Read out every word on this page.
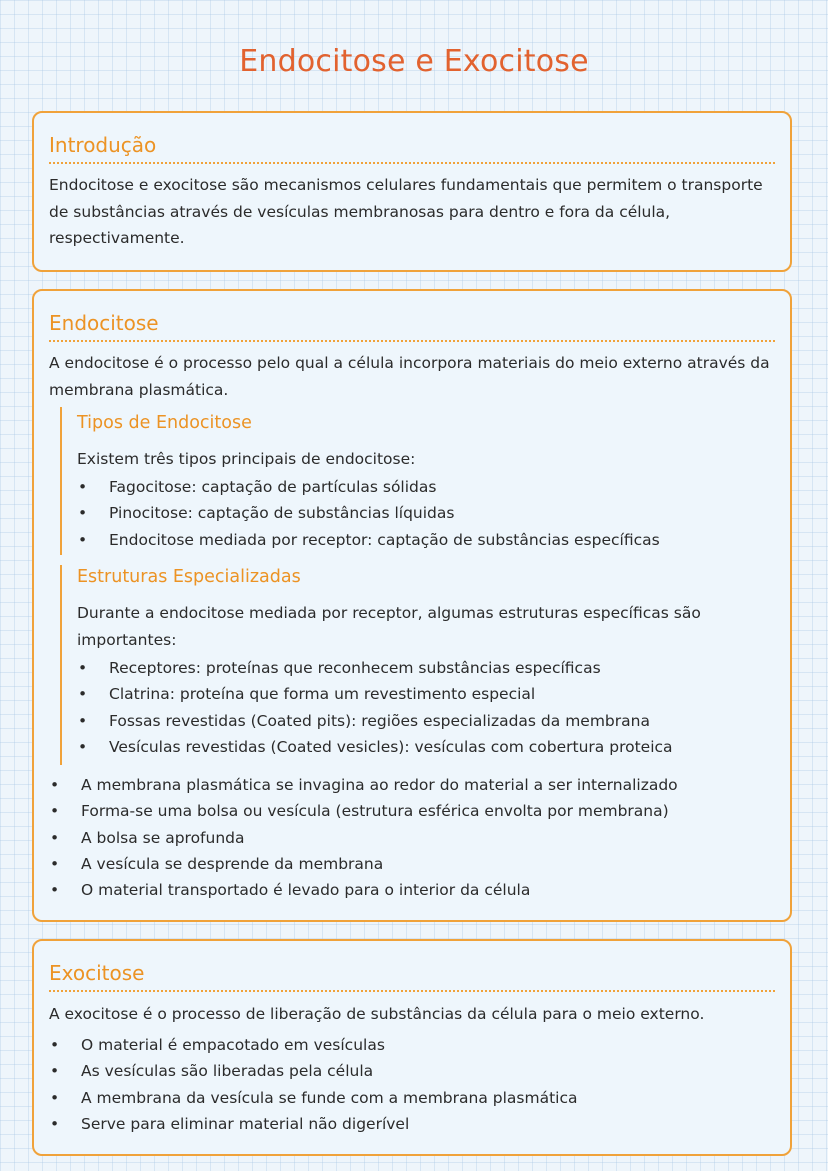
Endocitose e Exocitose
Introdução
Endocitose e exocitose são mecanismos celulares fundamentais que permitem o transporte de substâncias através de vesículas membranosas para dentro e fora da célula, respectivamente.
Endocitose
A endocitose é o processo pelo qual a célula incorpora materiais do meio externo através da membrana plasmática.
Tipos de Endocitose
Existem três tipos principais de endocitose:
• Fagocitose: captação de partículas sólidas
• Pinocitose: captação de substâncias líquidas
• Endocitose mediada por receptor: captação de substâncias específicas
Estruturas Especializadas
Durante a endocitose mediada por receptor, algumas estruturas específicas são importantes:
• Receptores: proteínas que reconhecem substâncias específicas
• Clatrina: proteína que forma um revestimento especial
• Fossas revestidas (Coated pits): regiões especializadas da membrana
• Vesículas revestidas (Coated vesicles): vesículas com cobertura proteica
• A membrana plasmática se invagina ao redor do material a ser internalizado
• Forma-se uma bolsa ou vesícula (estrutura esférica envolta por membrana)
• A bolsa se aprofunda
• A vesícula se desprende da membrana
• O material transportado é levado para o interior da célula
Exocitose
A exocitose é o processo de liberação de substâncias da célula para o meio externo.
• O material é empacotado em vesículas
• As vesículas são liberadas pela célula
• A membrana da vesícula se funde com a membrana plasmática
• Serve para eliminar material não digerível
